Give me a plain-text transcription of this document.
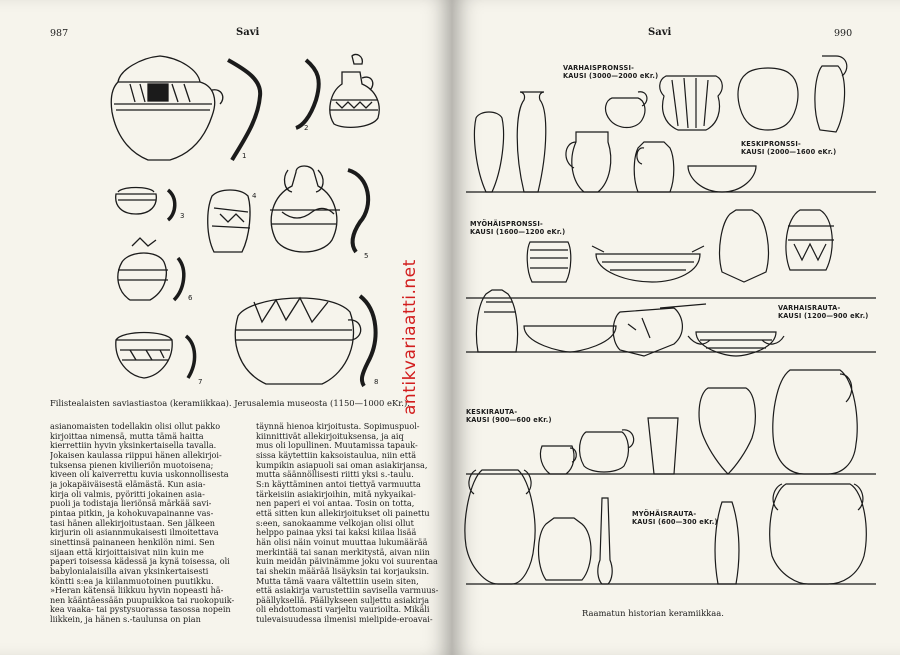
987	Savi
1
2
3
4
5
6
7	8
Filistealaisten saviastiastoa (keramiikkaa). Jerusalemia museosta (1150—1000 eKr.).
asianomaisten todellakin olisi ollut pakko
kirjoittaa nimensä, mutta tämä haitta
kierrettiin hyvin yksinkertaisella tavalla.
Jokaisen kaulassa riippui hänen allekirjoi-
tuksensa pienen kivilieriön muotoisena;
kiveen oli kaiverrettu kuvia uskonnollisesta
ja jokapäiväisestä elämästä. Kun asia-
kirja oli valmis, pyöritti jokainen asia-
puoli ja todistaja lieriönsä märkää savi-
pintaa pitkin, ja kohokuvapainanne vas-
tasi hänen allekirjoitustaan. Sen jälkeen
kirjurin oli asiannmukaisesti ilmoitettava
sinettinsä painaneen henkilön nimi. Sen
sijaan että kirjoittaisivat niin kuin me
paperi toisessa kädessä ja kynä toisessa, oli
babylonialaisilla aivan yksinkertaisesti
köntti s:ea ja kiilanmuotoinen puutikku.
»Heran kätensä liikkuu hyvin nopeasti hä-
nen kääntäessään puupuikkoa tai ruokopuik-
kea vaaka- tai pystysuorassa tasossa nopein
liikkein, ja hänen s.-taulunsa on pian
täynnä hienoa kirjoitusta. Sopimuspuol-
kiinnittivät allekirjoituksensa, ja aiq
mus oli lopullinen. Muutamissa tapauk-
sissa käytettiin kaksoistaulua, niin että
kumpikin asiapuoli sai oman asiakirjansa,
mutta säännöllisesti riitti yksi s.-taulu.
S:n käyttäminen antoi tiettyä varmuutta
tärkeisiin asiakirjoihin, mitä nykyaikai-
nen paperi ei voi antaa. Tosin on totta,
että sitten kun allekirjoitukset oli painettu
s:een, sanokaamme velkojan olisi ollut
helppo painaa yksi tai kaksi kiilaa lisää
hän olisi näin voinut muuttaa lukumäärää
merkintää tai sanan merkitystä, aivan niin
kuin meidän päivinämme joku voi suurentaa
tai shekin määrää lisäyksin tai korjauksin.
Mutta tämä vaara vältettiin usein siten,
että asiakirja varustettiin savisella varmuus-
päällyksellä. Päällykseen suljettu asiakirja
oli ehdottomasti varjeltu vaurioilta. Mikäli
tulevaisuudessa ilmenisi mielipide-eroavai-
antikvariaatti.net
Savi	990
VARHAISPRONSSI-
KAUSI (3000—2000 eKr.)
KESKIPRONSSI-
KAUSI (2000—1600 eKr.)
MYÖHÄISPRONSSI-
KAUSI (1600—1200 eKr.)
VARHAISRAUTA-
KAUSI (1200—900 eKr.)
KESKIRAUTA-
KAUSI (900—600 eKr.)
MYÖHÄISRAUTA-
KAUSI (600—300 eKr.)
Raamatun historian keramiikkaa.
